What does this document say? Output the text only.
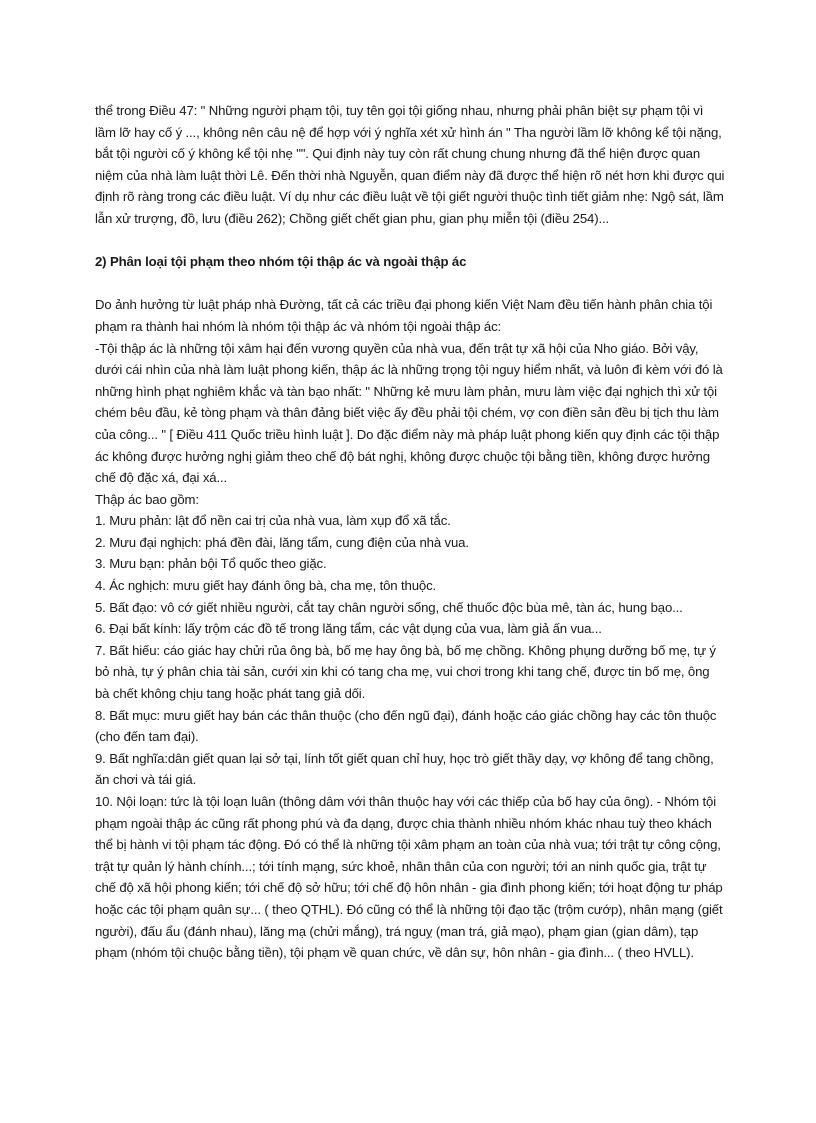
thể trong Điều 47: " Những người phạm tội, tuy tên gọi tội giống nhau, nhưng phải phân biệt sự phạm tội vì lầm lỡ hay cố ý ..., không nên câu nệ để hợp với ý nghĩa xét xử hình án " Tha người lầm lỡ không kể tội nặng, bắt tội người cố ý không kể tội nhẹ "". Qui định này tuy còn rất chung chung nhưng đã thể hiện được quan niệm của nhà làm luật thời Lê. Đến thời nhà Nguyễn, quan điểm này đã được thể hiện rõ nét hơn khi được qui định rõ ràng trong các điều luật. Ví dụ như các điều luật về tội giết người thuộc tình tiết giảm nhẹ: Ngộ sát, lầm lẫn xử trượng, đồ, lưu (điều 262); Chồng giết chết gian phu, gian phụ miễn tội (điều 254)...

2) Phân loại tội phạm theo nhóm tội thập ác và ngoài thập ác

Do ảnh hưởng từ luật pháp nhà Đường, tất cả các triều đại phong kiến Việt Nam đều tiến hành phân chia tội phạm ra thành hai nhóm là nhóm tội thập ác và nhóm tội ngoài thập ác:

-Tội thập ác là những tội xâm hại đến vương quyền của nhà vua, đến trật tự xã hội của Nho giáo. Bởi vậy, dưới cái nhìn của nhà làm luật phong kiến, thập ác là những trọng tội nguy hiểm nhất, và luôn đi kèm với đó là những hình phạt nghiêm khắc và tàn bạo nhất: " Những kẻ mưu làm phản, mưu làm việc đại nghịch thì xử tội chém bêu đầu, kẻ tòng phạm và thân đảng biết việc ấy đều phải tội chém, vợ con điền sản đều bị tịch thu làm của công... " [ Điều 411 Quốc triều hình luật ]. Do đặc điểm này mà pháp luật phong kiến quy định các tội thập ác không được hưởng nghị giảm theo chế độ bát nghị, không được chuộc tội bằng tiền, không được hưởng chế độ đặc xá, đại xá...

Thập ác bao gồm:

1. Mưu phản: lật đổ nền cai trị của nhà vua, làm xụp đổ xã tắc.
2. Mưu đại nghịch: phá đền đài, lăng tẩm, cung điện của nhà vua.
3. Mưu bạn: phản bội Tổ quốc theo giặc.
4. Ác nghịch: mưu giết hay đánh ông bà, cha mẹ, tôn thuộc.
5. Bất đạo: vô cớ giết nhiều người, cắt tay chân người sống, chế thuốc độc bùa mê, tàn ác, hung bạo...
6. Đại bất kính: lấy trộm các đồ tế trong lăng tẩm, các vật dụng của vua, làm giả ấn vua...
7. Bất hiếu: cáo giác hay chửi rủa ông bà, bố mẹ hay ông bà, bố mẹ chồng. Không phụng dưỡng bố mẹ, tự ý bỏ nhà, tự ý phân chia tài sản, cưới xin khi có tang cha mẹ, vui chơi trong khi tang chế, được tin bố mẹ, ông bà chết không chịu tang hoặc phát tang giả dối.
8. Bất mục: mưu giết hay bán các thân thuộc (cho đến ngũ đại), đánh hoặc cáo giác chồng hay các tôn thuộc (cho đến tam đại).
9. Bất nghĩa:dân giết quan lại sở tại, lính tốt giết quan chỉ huy, học trò giết thầy dạy, vợ không để tang chồng, ăn chơi và tái giá.
10. Nội loạn: tức là tội loạn luân (thông dâm với thân thuộc hay với các thiếp của bố hay của ông). - Nhóm tội phạm ngoài thập ác cũng rất phong phú và đa dạng, được chia thành nhiều nhóm khác nhau tuỳ theo khách thể bị hành vi tội phạm tác động. Đó có thể là những tội xâm phạm an toàn của nhà vua; tới trật tự công cộng, trật tự quản lý hành chính...; tới tính mạng, sức khoẻ, nhân thân của con người; tới an ninh quốc gia, trật tự chế độ xã hội phong kiến; tới chế độ sở hữu; tới chế độ hôn nhân - gia đình phong kiến; tới hoạt động tư pháp hoặc các tội phạm quân sự... ( theo QTHL). Đó cũng có thể là những tội đạo tặc (trộm cướp), nhân mạng (giết người), đấu ẩu (đánh nhau), lăng mạ (chửi mắng), trá nguỵ (man trá, giả mạo), phạm gian (gian dâm), tạp phạm (nhóm tội chuộc bằng tiền), tội phạm về quan chức, về dân sự, hôn nhân - gia đình... ( theo HVLL).
